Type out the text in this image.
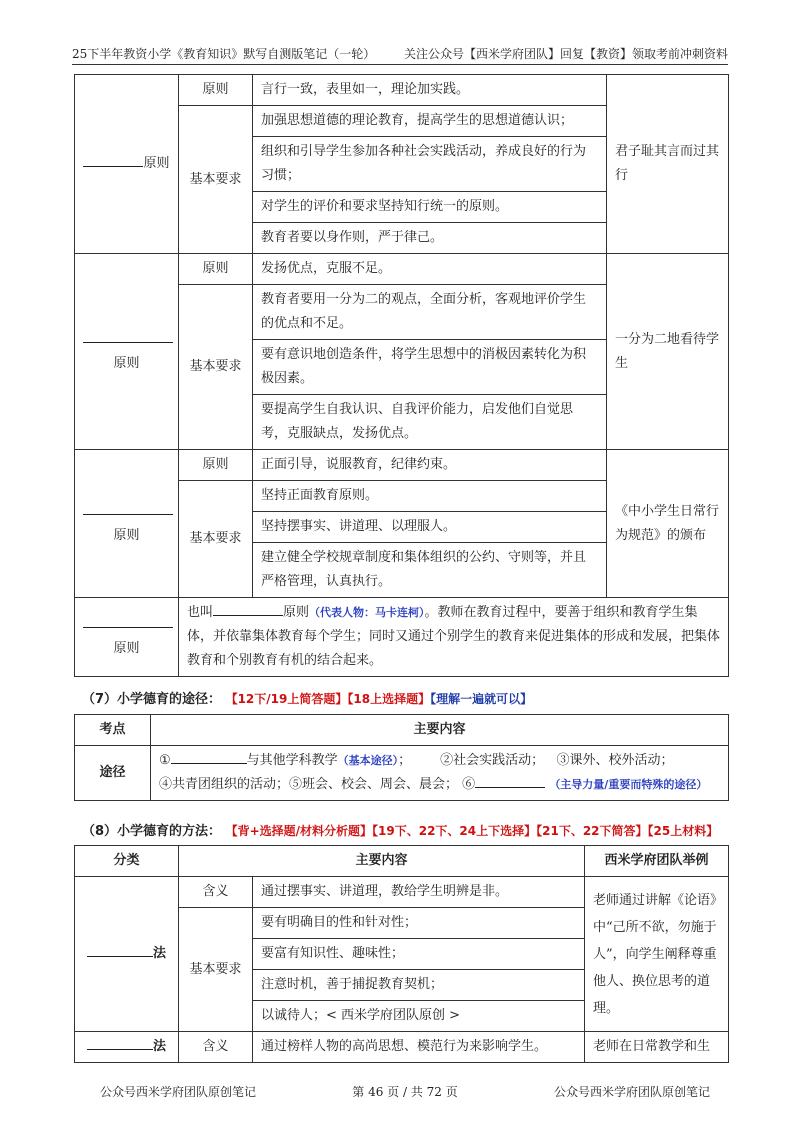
25下半年教资小学《教育知识》默写自测版笔记（一轮） 关注公众号【西米学府团队】回复【教资】领取考前冲刺资料
原则	原则	言行一致，表里如一，理论加实践。	君子耻其言而过其行
	基本要求	加强思想道德的理论教育，提高学生的思想道德认识；	
		组织和引导学生参加各种社会实践活动，养成良好的行为习惯；	
		对学生的评价和要求坚持知行统一的原则。	
		教育者要以身作则，严于律己。	

原则	原则	发扬优点，克服不足。	一分为二地看待学生
	基本要求	教育者要用一分为二的观点，全面分析，客观地评价学生的优点和不足。	
		要有意识地创造条件，将学生思想中的消极因素转化为积极因素。	
		要提高学生自我认识、自我评价能力，启发他们自觉思考，克服缺点，发扬优点。	

原则	原则	正面引导，说服教育，纪律约束。	《中小学生日常行为规范》的颁布
	基本要求	坚持正面教育原则。	
		坚持摆事实、讲道理、以理服人。	
		建立健全学校规章制度和集体组织的公约、守则等，并且严格管理，认真执行。	

原则	也叫 原则（代表人物：马卡连柯）。教师在教育过程中，要善于组织和教育学生集体，并依靠集体教育每个学生；同时又通过个别学生的教育来促进集体的形成和发展，把集体教育和个别教育有机的结合起来。		
（7）小学德育的途径： 【12下/19上简答题】【18上选择题】【理解一遍就可以】
考点	主要内容
途径	① 与其他学科教学（基本途径）； ②社会实践活动； ③课外、校外活动；
④共青团组织的活动；⑤班会、校会、周会、晨会； ⑥ （主导力量/重要而特殊的途径）
（8）小学德育的方法： 【背+选择题/材料分析题】【19下、22下、24上下选择】【21下、22下简答】【25上材料】
分类	主要内容		西米学府团队举例
法	含义	通过摆事实、讲道理，教给学生明辨是非。	老师通过讲解《论语》中“己所不欲，勿施于人”，向学生阐释尊重他人、换位思考的道理。
	基本要求	要有明确目的性和针对性；	
		要富有知识性、趣味性；	
		注意时机，善于捕捉教育契机；	
		以诚待人；< 西米学府团队原创 >	
法	含义	通过榜样人物的高尚思想、模范行为来影响学生。	老师在日常教学和生
公众号西米学府团队原创笔记	第 46 页 / 共 72 页	公众号西米学府团队原创笔记
